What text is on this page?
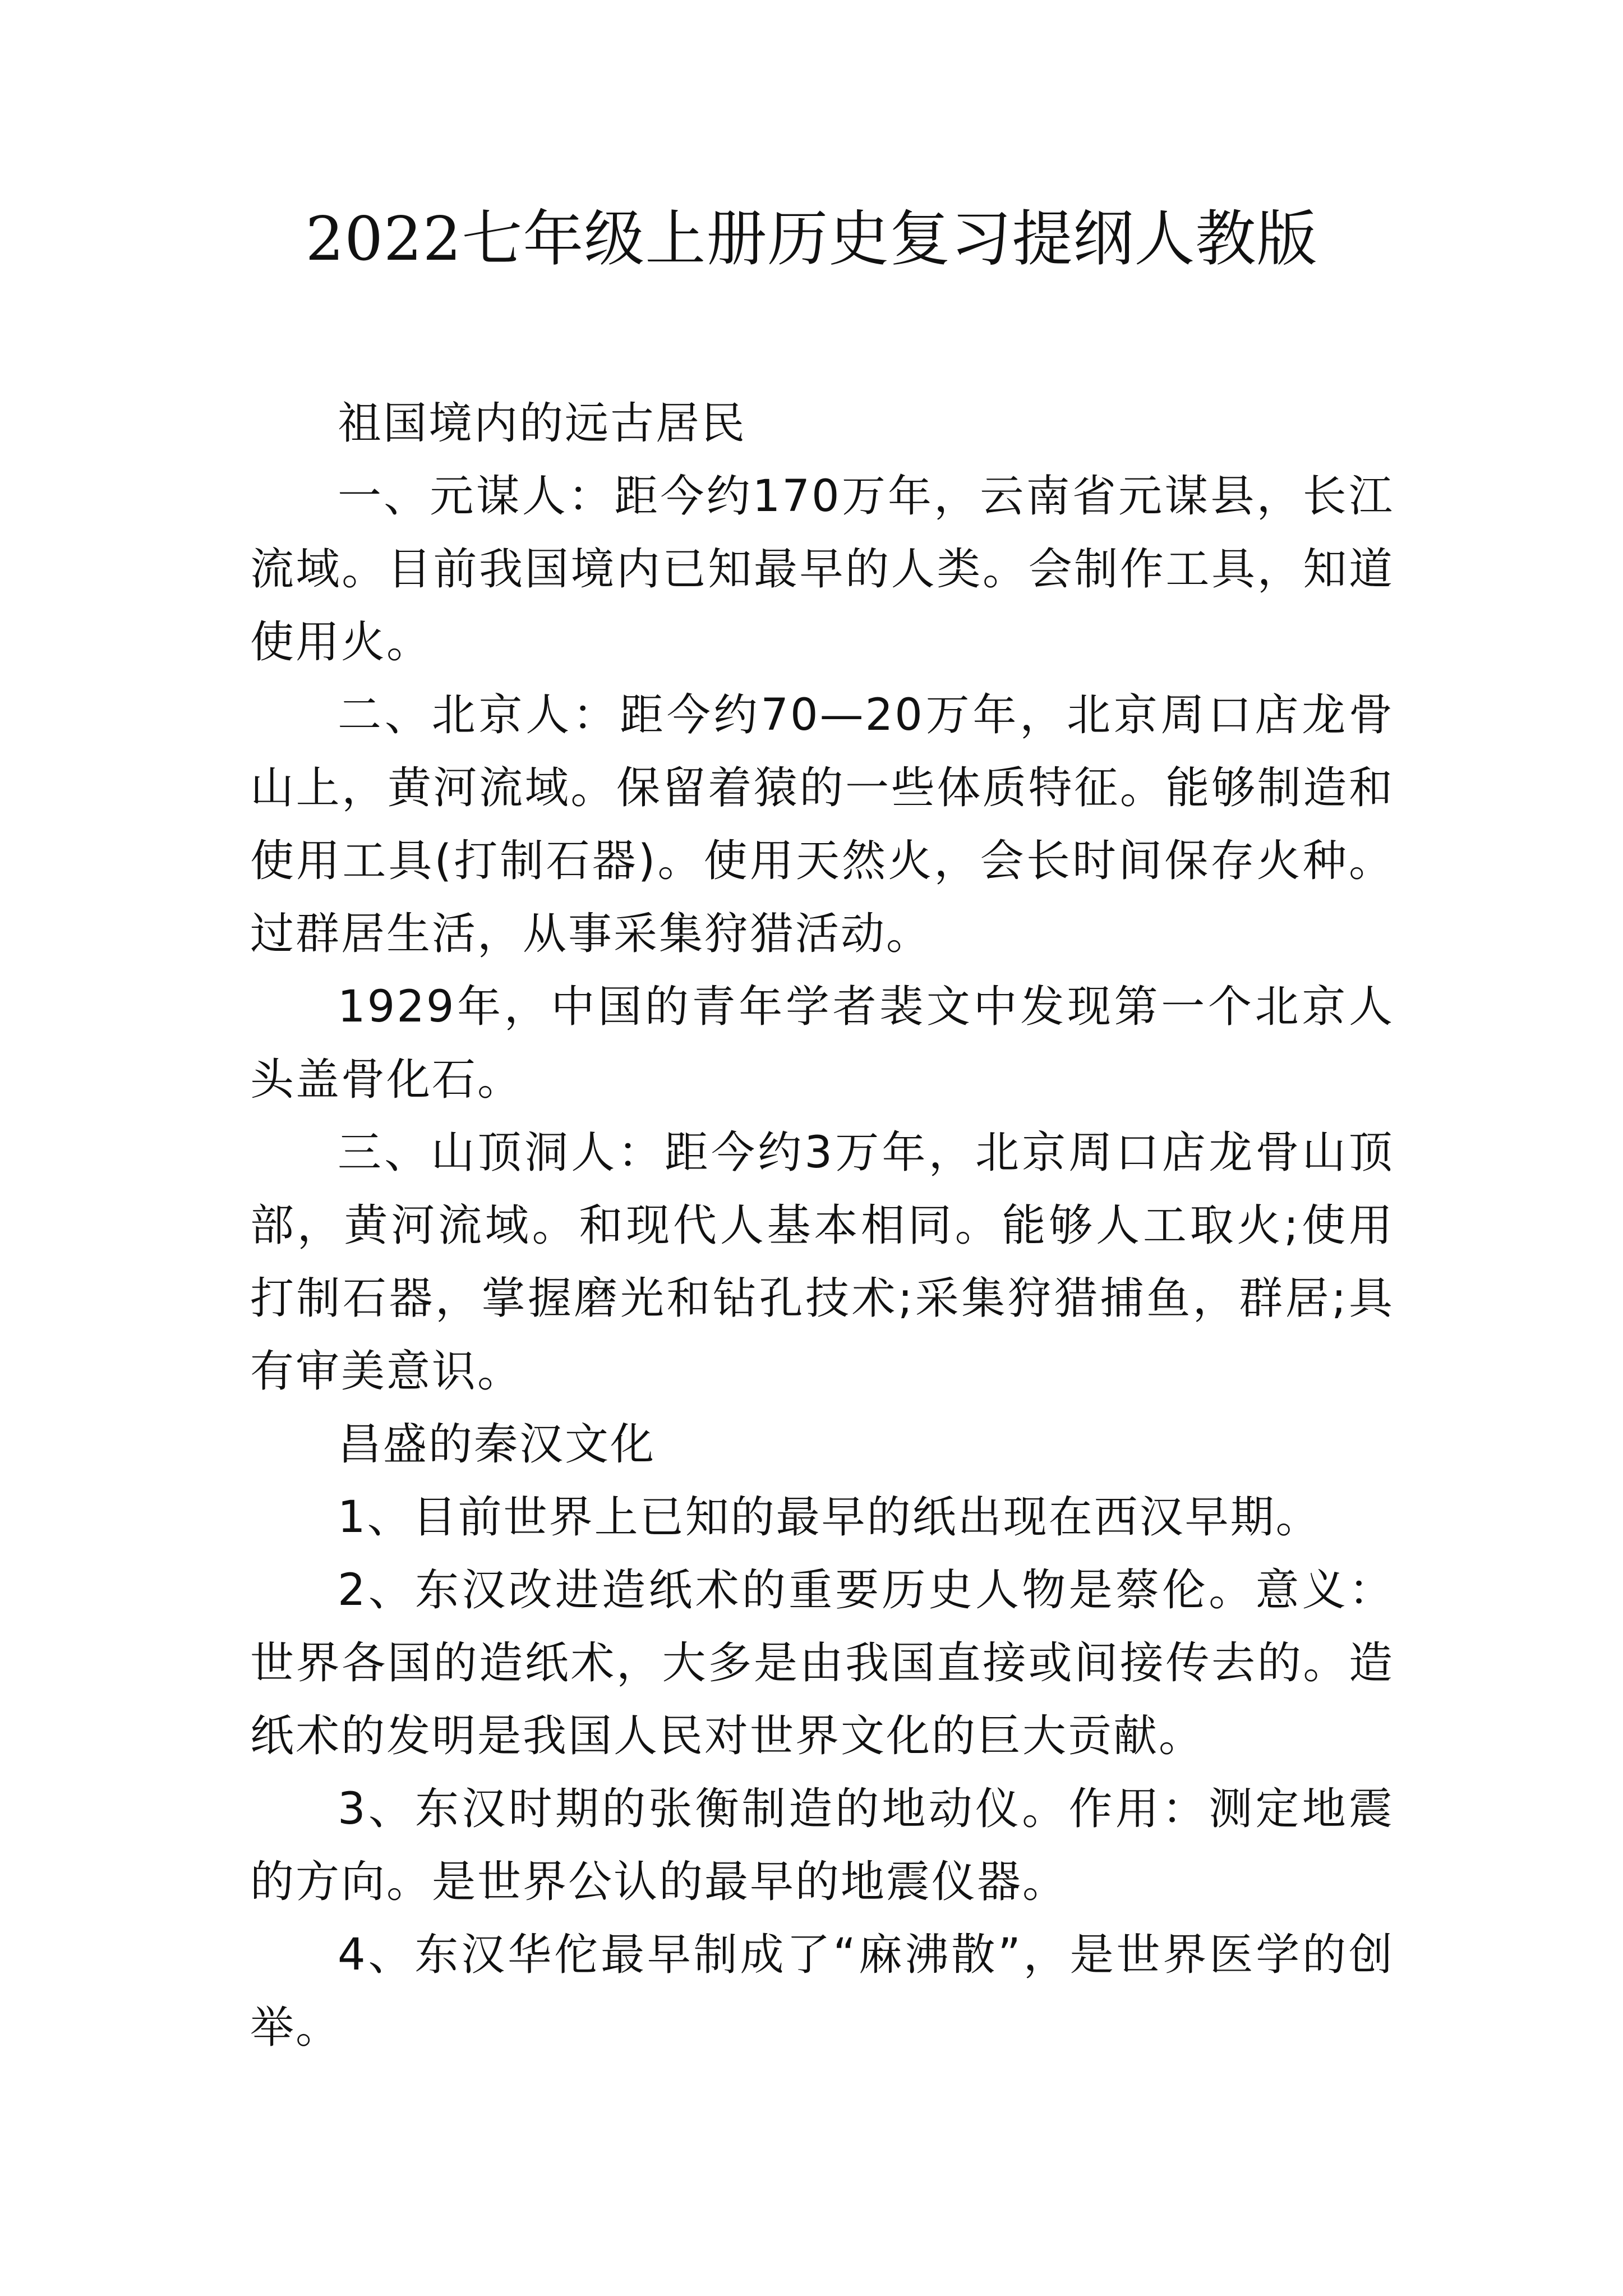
2022七年级上册历史复习提纲人教版

祖国境内的远古居民

一、元谋人：距今约170万年，云南省元谋县，长江流域。目前我国境内已知最早的人类。会制作工具，知道使用火。

二、北京人：距今约70—20万年，北京周口店龙骨山上，黄河流域。保留着猿的一些体质特征。能够制造和使用工具(打制石器)。使用天然火，会长时间保存火种。过群居生活，从事采集狩猎活动。

1929年，中国的青年学者裴文中发现第一个北京人头盖骨化石。

三、山顶洞人：距今约3万年，北京周口店龙骨山顶部，黄河流域。和现代人基本相同。能够人工取火;使用打制石器，掌握磨光和钻孔技术;采集狩猎捕鱼，群居;具有审美意识。

昌盛的秦汉文化

1、目前世界上已知的最早的纸出现在西汉早期。

2、东汉改进造纸术的重要历史人物是蔡伦。意义：世界各国的造纸术，大多是由我国直接或间接传去的。造纸术的发明是我国人民对世界文化的巨大贡献。

3、东汉时期的张衡制造的地动仪。作用：测定地震的方向。是世界公认的最早的地震仪器。

4、东汉华佗最早制成了“麻沸散”，是世界医学的创举。
